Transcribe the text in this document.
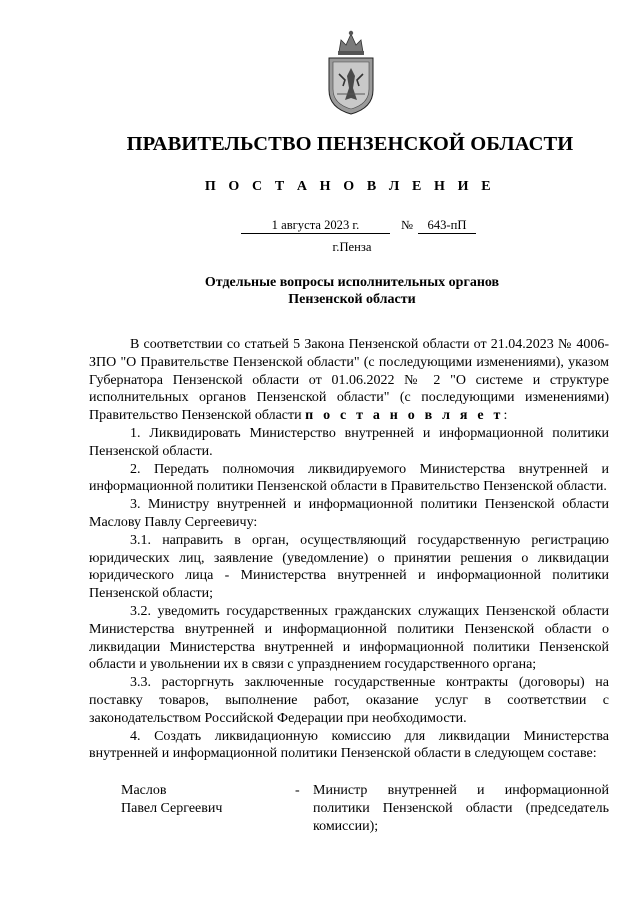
ПРАВИТЕЛЬСТВО ПЕНЗЕНСКОЙ ОБЛАСТИ
П О С Т А Н О В Л Е Н И Е
1 августа 2023 г.	№	643-пП
г.Пенза
Отдельные вопросы исполнительных органов
Пензенской области

В соответствии со статьей 5 Закона Пензенской области от 21.04.2023 № 4006-ЗПО "О Правительстве Пензенской области" (с последующими изменениями), указом Губернатора Пензенской области от 01.06.2022 № 2 "О системе и структуре исполнительных органов Пензенской области" (с последующими изменениями) Правительство Пензенской области п о с т а н о в л я е т:

1. Ликвидировать Министерство внутренней и информационной политики Пензенской области.

2. Передать полномочия ликвидируемого Министерства внутренней и информационной политики Пензенской области в Правительство Пензенской области.

3. Министру внутренней и информационной политики Пензенской области Маслову Павлу Сергеевичу:

3.1. направить в орган, осуществляющий государственную регистрацию юридических лиц, заявление (уведомление) о принятии решения о ликвидации юридического лица - Министерства внутренней и информационной политики Пензенской области;

3.2. уведомить государственных гражданских служащих Пензенской области Министерства внутренней и информационной политики Пензенской области о ликвидации Министерства внутренней и информационной политики Пензенской области и увольнении их в связи с упразднением государственного органа;

3.3. расторгнуть заключенные государственные контракты (договоры) на поставку товаров, выполнение работ, оказание услуг в соответствии с законодательством Российской Федерации при необходимости.

4. Создать ликвидационную комиссию для ликвидации Министерства внутренней и информационной политики Пензенской области в следующем составе:

Маслов
Павел Сергеевич
- Министр внутренней и информационной политики Пензенской области (председатель комиссии);
